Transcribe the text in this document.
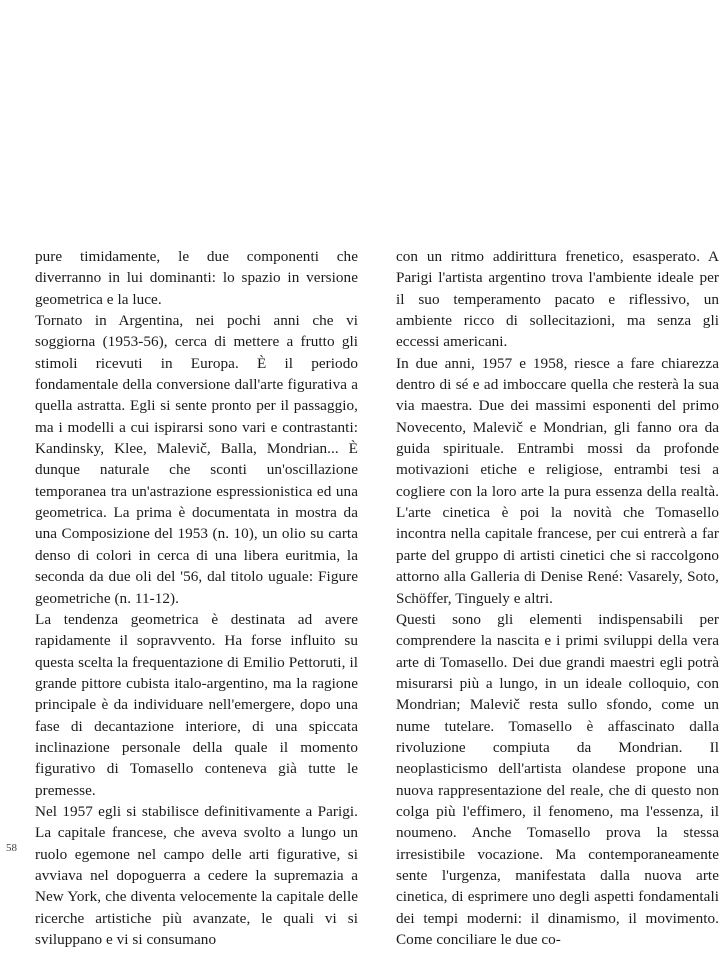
pure timidamente, le due componenti che diverranno in lui dominanti: lo spazio in versione geometrica e la luce.

Tornato in Argentina, nei pochi anni che vi soggiorna (1953-56), cerca di mettere a frutto gli stimoli ricevuti in Europa. È il periodo fondamentale della conversione dall'arte figurativa a quella astratta. Egli si sente pronto per il passaggio, ma i modelli a cui ispirarsi sono vari e contrastanti: Kandinsky, Klee, Malevič, Balla, Mondrian... È dunque naturale che sconti un'oscillazione temporanea tra un'astrazione espressionistica ed una geometrica. La prima è documentata in mostra da una Composizione del 1953 (n. 10), un olio su carta denso di colori in cerca di una libera euritmia, la seconda da due oli del '56, dal titolo uguale: Figure geometriche (n. 11-12).

La tendenza geometrica è destinata ad avere rapidamente il sopravvento. Ha forse influito su questa scelta la frequentazione di Emilio Pettoruti, il grande pittore cubista italo-argentino, ma la ragione principale è da individuare nell'emergere, dopo una fase di decantazione interiore, di una spiccata inclinazione personale della quale il momento figurativo di Tomasello conteneva già tutte le premesse.

Nel 1957 egli si stabilisce definitivamente a Parigi. La capitale francese, che aveva svolto a lungo un ruolo egemone nel campo delle arti figurative, si avviava nel dopoguerra a cedere la supremazia a New York, che diventa velocemente la capitale delle ricerche artistiche più avanzate, le quali vi si sviluppano e vi si consumano

con un ritmo addirittura frenetico, esasperato. A Parigi l'artista argentino trova l'ambiente ideale per il suo temperamento pacato e riflessivo, un ambiente ricco di sollecitazioni, ma senza gli eccessi americani.

In due anni, 1957 e 1958, riesce a fare chiarezza dentro di sé e ad imboccare quella che resterà la sua via maestra. Due dei massimi esponenti del primo Novecento, Malevič e Mondrian, gli fanno ora da guida spirituale. Entrambi mossi da profonde motivazioni etiche e religiose, entrambi tesi a cogliere con la loro arte la pura essenza della realtà. L'arte cinetica è poi la novità che Tomasello incontra nella capitale francese, per cui entrerà a far parte del gruppo di artisti cinetici che si raccolgono attorno alla Galleria di Denise René: Vasarely, Soto, Schöffer, Tinguely e altri.

Questi sono gli elementi indispensabili per comprendere la nascita e i primi sviluppi della vera arte di Tomasello. Dei due grandi maestri egli potrà misurarsi più a lungo, in un ideale colloquio, con Mondrian; Malevič resta sullo sfondo, come un nume tutelare. Tomasello è affascinato dalla rivoluzione compiuta da Mondrian. Il neoplasticismo dell'artista olandese propone una nuova rappresentazione del reale, che di questo non colga più l'effimero, il fenomeno, ma l'essenza, il noumeno. Anche Tomasello prova la stessa irresistibile vocazione. Ma contemporaneamente sente l'urgenza, manifestata dalla nuova arte cinetica, di esprimere uno degli aspetti fondamentali dei tempi moderni: il dinamismo, il movimento. Come conciliare le due co-

58
